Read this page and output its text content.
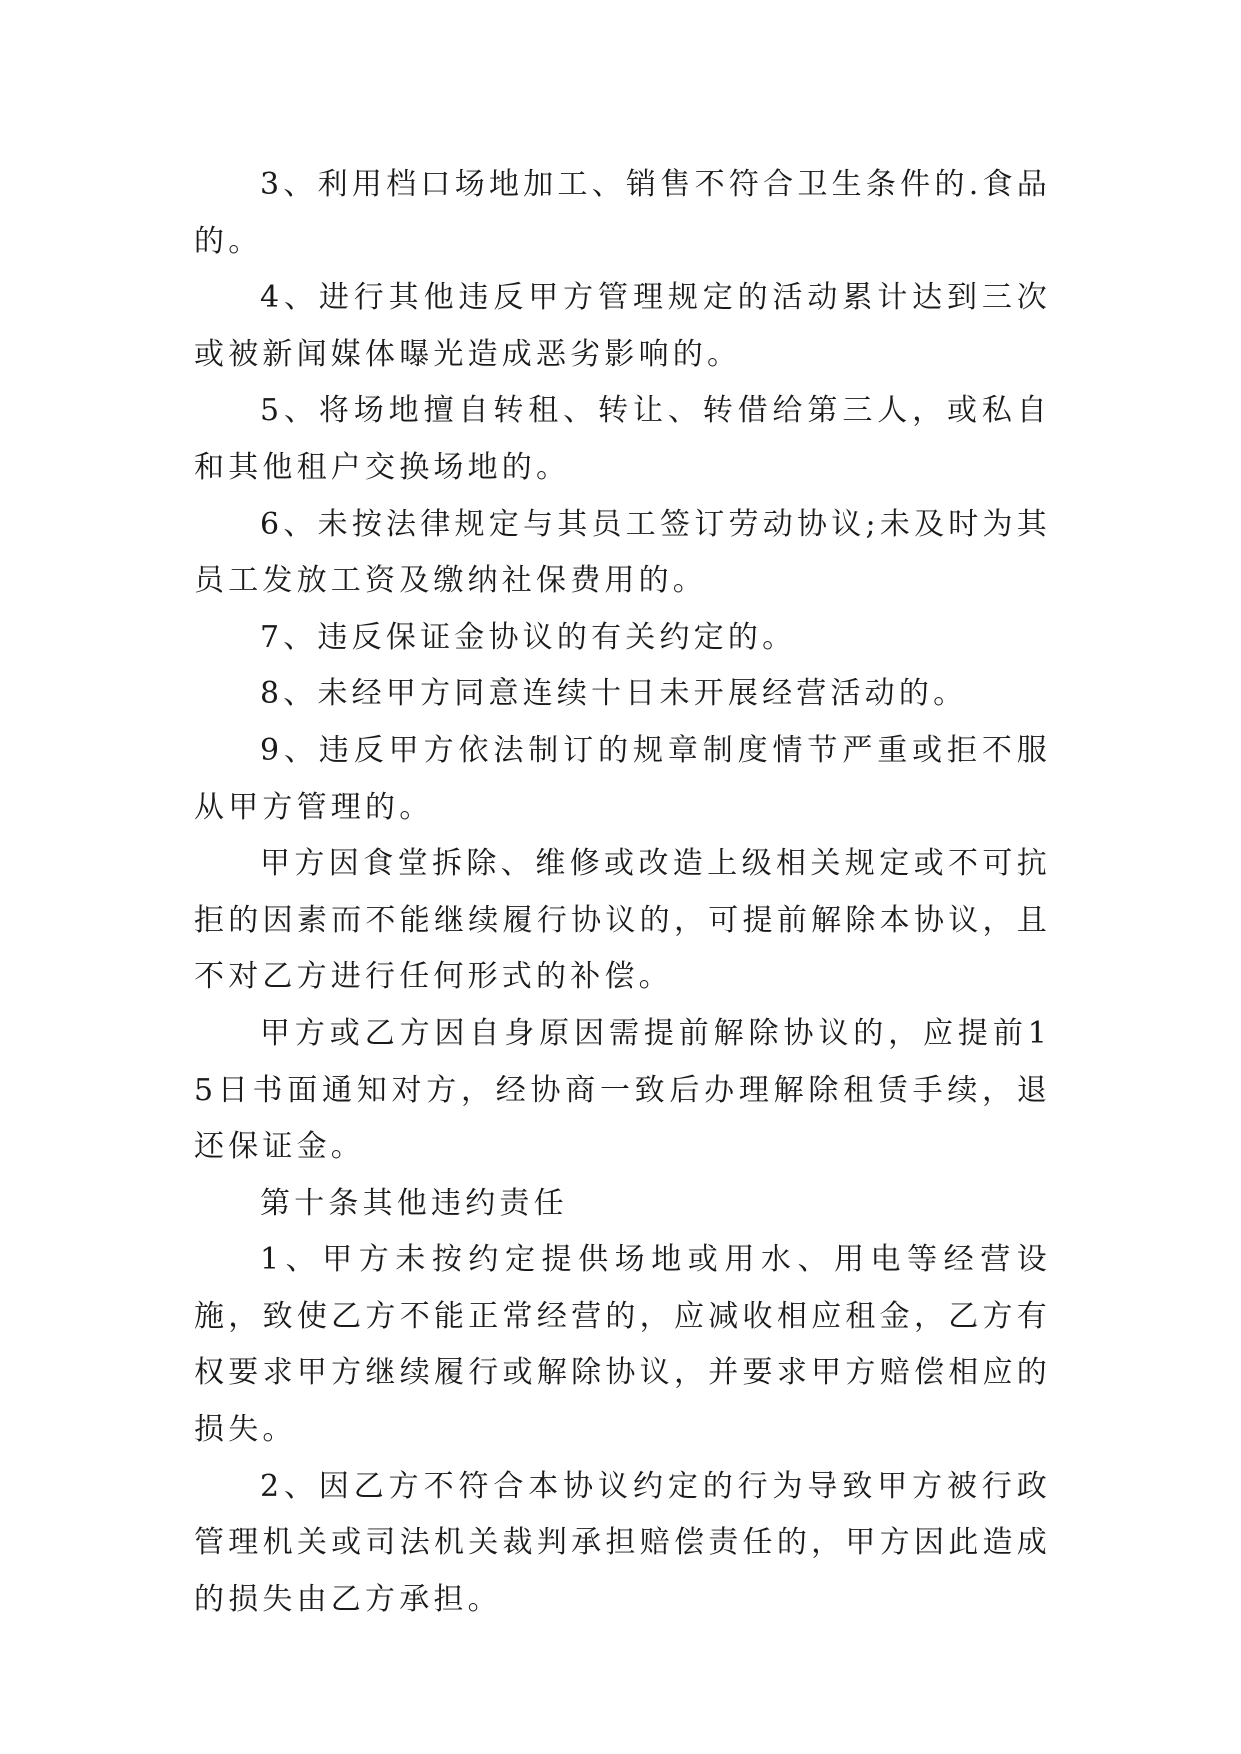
3、利用档口场地加工、销售不符合卫生条件的.食品的。

4、进行其他违反甲方管理规定的活动累计达到三次或被新闻媒体曝光造成恶劣影响的。

5、将场地擅自转租、转让、转借给第三人，或私自和其他租户交换场地的。

6、未按法律规定与其员工签订劳动协议;未及时为其员工发放工资及缴纳社保费用的。

7、违反保证金协议的有关约定的。

8、未经甲方同意连续十日未开展经营活动的。

9、违反甲方依法制订的规章制度情节严重或拒不服从甲方管理的。

甲方因食堂拆除、维修或改造上级相关规定或不可抗拒的因素而不能继续履行协议的，可提前解除本协议，且不对乙方进行任何形式的补偿。

甲方或乙方因自身原因需提前解除协议的，应提前15日书面通知对方，经协商一致后办理解除租赁手续，退还保证金。

第十条其他违约责任

1、甲方未按约定提供场地或用水、用电等经营设施，致使乙方不能正常经营的，应减收相应租金，乙方有权要求甲方继续履行或解除协议，并要求甲方赔偿相应的损失。

2、因乙方不符合本协议约定的行为导致甲方被行政管理机关或司法机关裁判承担赔偿责任的，甲方因此造成的损失由乙方承担。
